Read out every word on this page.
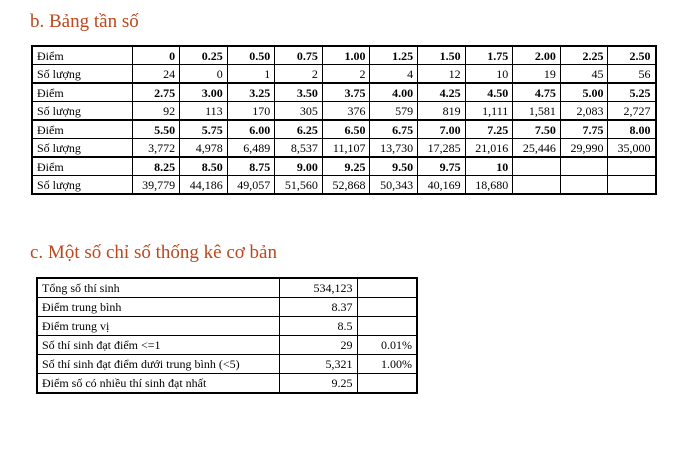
b. Bảng tần số
Điểm	0	0.25	0.50	0.75	1.00	1.25	1.50	1.75	2.00	2.25	2.50
Số lượng	24	0	1	2	2	4	12	10	19	45	56
Điểm	2.75	3.00	3.25	3.50	3.75	4.00	4.25	4.50	4.75	5.00	5.25
Số lượng	92	113	170	305	376	579	819	1,111	1,581	2,083	2,727
Điểm	5.50	5.75	6.00	6.25	6.50	6.75	7.00	7.25	7.50	7.75	8.00
Số lượng	3,772	4,978	6,489	8,537	11,107	13,730	17,285	21,016	25,446	29,990	35,000
Điểm	8.25	8.50	8.75	9.00	9.25	9.50	9.75	10			
Số lượng	39,779	44,186	49,057	51,560	52,868	50,343	40,169	18,680			
c. Một số chỉ số thống kê cơ bản
Tổng số thí sinh	534,123	
Điểm trung bình	8.37	
Điểm trung vị	8.5	
Số thí sinh đạt điểm <=1	29	0.01%
Số thí sinh đạt điểm dưới trung bình (<5)	5,321	1.00%
Điểm số có nhiều thí sinh đạt nhất	9.25	
